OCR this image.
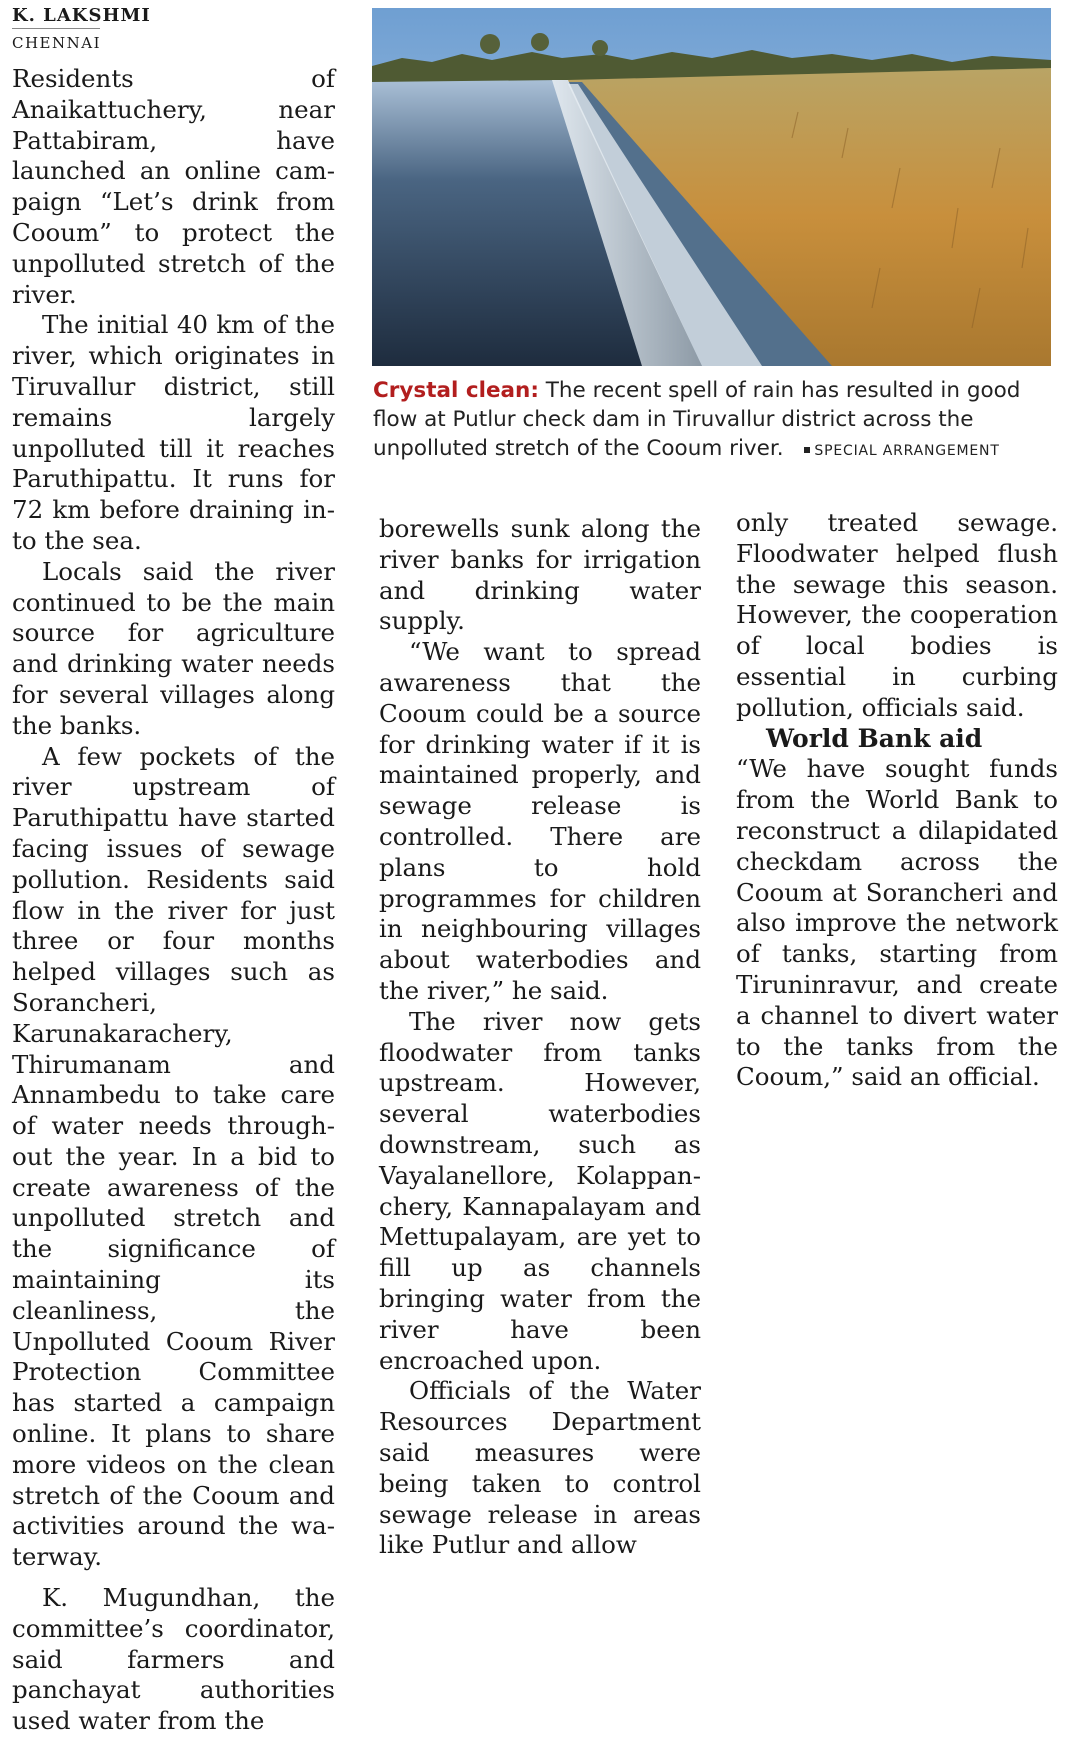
K. LAKSHMI

CHENNAI

Residents of Anaikattuchery, near Pattabiram, have launched an online campaign “Let’s drink from Cooum” to protect the unpolluted stretch of the river.

The initial 40 km of the river, which originates in Tiruvallur district, still remains largely unpolluted till it reaches Paruthipattu. It runs for 72 km before draining into the sea.

Locals said the river continued to be the main source for agriculture and drinking water needs for several villages along the banks.

A few pockets of the river upstream of Paruthipattu have started facing issues of sewage pollution. Residents said flow in the river for just three or four months helped villages such as Sorancheri, Karunakarachery, Thirumanam and Annambedu to take care of water needs throughout the year. In a bid to create awareness of the unpolluted stretch and the significance of maintaining its cleanliness, the Unpolluted Cooum River Protection Committee has started a campaign online. It plans to share more videos on the clean stretch of the Cooum and activities around the waterway.

K. Mugundhan, the committee’s coordinator, said farmers and panchayat authorities used water from the

Crystal clean: The recent spell of rain has resulted in good flow at Putlur check dam in Tiruvallur district across the unpolluted stretch of the Cooum river. SPECIAL ARRANGEMENT

borewells sunk along the river banks for irrigation and drinking water supply.

“We want to spread awareness that the Cooum could be a source for drinking water if it is maintained properly, and sewage release is controlled. There are plans to hold programmes for children in neighbouring villages about waterbodies and the river,” he said.

The river now gets floodwater from tanks upstream. However, several waterbodies downstream, such as Vayalanellore, Kolappanchery, Kannapalayam and Mettupalayam, are yet to fill up as channels bringing water from the river have been encroached upon.

Officials of the Water Resources Department said measures were being taken to control sewage release in areas like Putlur and allow

only treated sewage. Floodwater helped flush the sewage this season. However, the cooperation of local bodies is essential in curbing pollution, officials said.

World Bank aid

“We have sought funds from the World Bank to reconstruct a dilapidated checkdam across the Cooum at Sorancheri and also improve the network of tanks, starting from Tiruninravur, and create a channel to divert water to the tanks from the Cooum,” said an official.
